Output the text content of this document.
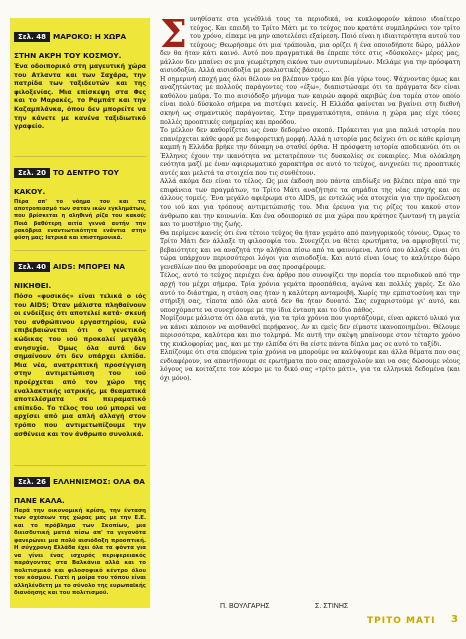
Σελ. 48 ΜΑΡΟΚΟ: Η ΧΩΡΑ ΣΤΗΝ ΑΚΡΗ ΤΟΥ ΚΟΣΜΟΥ.

Ένα οδοιπορικό στη μαγευτική χώρα του Ατλαντα και των Σαχάρα, την πατρίδα των ταξιδευτών και της φιλοξενίας. Μια επίσκεψη στα Φες και το Μαρακές, το Ραμπάτ και την Καζαμπλάνκα, όπου δεν μπορείτε να την κάνετε με κανένα ταξιδιωτικό γραφείο.

Σελ. 20 ΤΟ ΔΕΝΤΡΟ ΤΟΥ ΚΑΚΟΥ.

Πέρα απ' το νόημα του και τις αποτροπιασμό των σαταν ικών εγκλημάτων, που βρίσκεται η αληθινή ρίζα του κακού; Ποιά βαθύτερη αιτία γεννά αυτήν την ρακόβρια εναντιωτικότητα ενάντια στην φύση μας; Ιατρικά και επιστημονικά.

Σελ. 40 AIDS: ΜΠΟΡΕΙ ΝΑ ΝΙΚΗΘΕΙ.

Πόσο «φυσικός» είναι τελικά ο ιός του AIDS; Όταν μάλιστα πληθαίνουν οι ενδείξεις ότι αποτελεί κατά- σκευή του ανθρώπινου εργαστηρίου, ενώ επιβεβαιώνεται ότι ο γενετικός κώδικας του ιού προκαλεί μεγάλη ανησυχία. Όμως όλα αυτά δεν σημαίνουν ότι δεν υπάρχει ελπίδα. Μια νέα, ανατρεπτική προσέγγιση στην αντιμετώπιση του ιού προέρχεται από τον χώρο της εναλλακτικής ιατρικής, με θεαματικά αποτελέσματα σε πειραματικό επίπεδο. Το τέλος του ιού μπορεί να αρχίσει από μια απλή αλλαγή στον τρόπο που αντιμετωπίζουμε την ασθένεια και τον άνθρωπο συνολικά.

Σελ. 26 ΕΛΛΗΝΙΣΜΟΣ: ΟΛΑ ΘΑ ΠΑΝΕ ΚΑΛΑ.

Παρά την οικονομική κρίση, την ένταση των σχέσεων της χώρας μας με την Ε.Ε. και το πρόβλημα των Σκοπίων, μια διεισδυτική ματιά πίσω απ' τα γεγονότα φανερώνει μια πολύ αισιόδοξη προοπτική. Η σύγχρονη Ελλάδα έχει όλα τα φόντα για να γίνει ένας ισχυρός περιφερειακός παράγοντας στα Βαλκάνια αλλά και το πολιτισμικό και φιλοσοφικό κέντρο όλου του κόσμου. Γιατί η μοίρα του τόπου είναι αλληλένδετη με το σύνολο της ευρωπαϊκής διανόησης και του πολιτισμού.

Σ υνηθίσατε στα γενέθλιά τους τα περιοδικά, να κυκλοφορούν κάποιο ιδιαίτερο τεύχος. Και επειδή το Τρίτο Μάτι με το τεύχος που κρατάτε συμπληρώνει τον τρίτο του χρόνο, είπαμε να μην αποτελέσει εξαίρεση. Ποιό είναι η ιδιαιτερότητα αυτού του τεύχους; Θεωρήσαμε ότι μια τράπουλα, μια ορίζει ή ένα οποιοδήποτε δώρο, μάλλον δεν θα ήταν κάτι καινό. Αυτό που πραγματικά θα έπρεπε τότε στις «δύσκολες» μέρες μας, μάλλον δεν μπαίνει σε μια γεωμέτρηση εικόνα των συντυπωμένων. Μελάμε για την πρόσφατη αισιοδοξία. Αλλά αισιοδοξία με ρεαλιστικές βάσεις...

Η σημερινή εποχή μας όλοι θέλουν να βλέπουν τρόμο και βία γύρω τους. Ψάχνοντας όμως και αναζητώντας με πολλούς παράγοντες του «έξω», διαπιστώσαμε ότι τα πράγματα δεν είναι καθόλου μαύρα. Το πιο αισιόδοξο μήνυμα των καιρών αφορά ακριβώς ένα τομέα στον οποίο είναι πολύ δύσκολο σήμερα να πιστέψει κανείς. Η Ελλάδα φαίνεται να βγαίνει στη διεθνή σκηνή ως σημαντικός παράγοντας. Στην πραγματικότητα, σπάνια η χώρα μας είχε τόσες πολλές προοπτικές ευημερίας και προόδου.

Το μέλλον δεν καθορίζεται ως έναν δεδομένο σκοπό. Πρόκειται για μια παλιά ιστορία που επανέρχεται κάθε φορά με διαφορετική μορφή. Αλλά η ιστορία μας δείχνει ότι σε κάθε κρίσιμη καμπή η Ελλάδα βρήκε την δύναμη να σταθεί όρθια. Η πρόσφατη ιστορία αποδεικνύει ότι οι Έλληνες έχουν την ικανότητα να μετατρέπουν τις δυσκολίες σε ευκαιρίες. Μια ολόκληρη ενότητα μαζί με έναν αφιερωματικό χαρακτήρα σε αυτό το τεύχος, ανιχνεύει τις προοπτικές αυτές και μελετά τα στοιχεία που τις συνθέτουν.

Αλλά ακόμα δεν είναι το τέλος. Ως μια έκδοση που πάντα επιδίωξε να βλέπει πέρα από την επιφάνεια των πραγμάτων, το Τρίτο Μάτι αναζήτησε τα σημάδια της νέας εποχής και σε άλλους τομείς. Ένα μεγάλο αφιέρωμα στο AIDS, με εντελώς νέα στοιχεία για την προέλευση του ιού και για τρόπους αντιμετώπισής του. Μια έρευνα για τις ρίζες του κακού στον άνθρωπο και την κοινωνία. Και ένα οδοιπορικό σε μια χώρα που κράτησε ζωντανή τη μαγεία και το μυστήριο της ζωής.

Θα περίμενε κανείς ότι ένα τέτοιο τεύχος θα ήταν γεμάτο από πανηγυρικούς τόνους. Όμως το Τρίτο Μάτι δεν άλλαξε τη φιλοσοφία του. Συνεχίζει να θέτει ερωτήματα, να αμφισβητεί τις βεβαιότητες και να αναζητά την αλήθεια πίσω από τα φαινόμενα. Αυτό που άλλαξε είναι ότι τώρα υπάρχουν περισσότεροι λόγοι για αισιοδοξία. Και αυτό είναι ίσως το καλύτερο δώρο γενεθλίων που θα μπορούσαμε να σας προσφέρουμε.

Τέλος, αυτό το τεύχος περιέχει ένα άρθρο που συνοψίζει την πορεία του περιοδικού από την αρχή του μέχρι σήμερα. Τρία χρόνια γεμάτα προσπάθεια, αγώνα και πολλές χαρές. Σε όλο αυτό το διάστημα, η στάση σας ήταν η καλύτερη ανταμοιβή. Χωρίς την εμπιστοσύνη και την στήριξή σας, τίποτα από όλα αυτά δεν θα ήταν δυνατό. Σας ευχαριστούμε γι' αυτό, και υποσχόμαστε να συνεχίσουμε με την ίδια ένταση και το ίδιο πάθος.

Νομίζουμε μάλιστα ότι όλα αυτά, για τα τρία χρόνια που γιορτάζουμε, είναι αρκετό υλικό για να κάνει κάποιον να αισθανθεί περήφανος. Αν κι εμείς δεν είμαστε ικανοποιημένοι. Θέλουμε περισσότερα, καλύτερα και πιο τολμηρά. Με αυτή την σκέψη μπαίνουμε στον τέταρτο χρόνο της κυκλοφορίας μας, και με την ελπίδα ότι θα είστε πάντα δίπλα μας σε αυτό το ταξίδι.

Ελπίζουμε ότι στα επόμενα τρία χρόνια να μπορούμε να καλύψουμε και άλλα θέματα που σας ενδιαφέρουν, να απαντήσουμε σε ερωτήματα που σας απασχολούν και να σας δώσουμε νέους λόγους να κοιτάζετε τον κόσμο με το δικό σας «τρίτο μάτι», για τα ελληνικά δεδομένα (και όχι μόνο).

Π. ΒΟΥΛΓΑΡΗΣ	Σ. ΣΤΙΝΗΣ
ΤΡΙΤΟ ΜΑΤΙ 3
